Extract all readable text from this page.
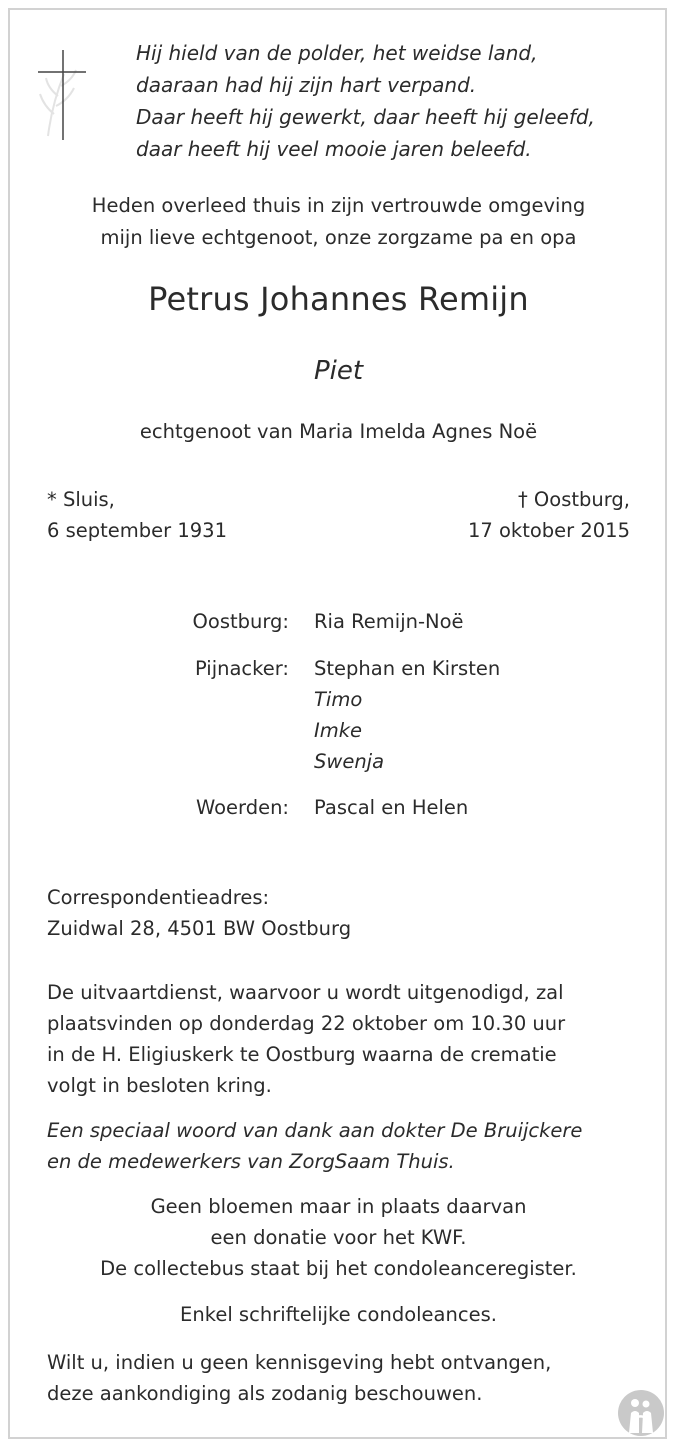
Hij hield van de polder, het weidse land,
daaraan had hij zijn hart verpand.
Daar heeft hij gewerkt, daar heeft hij geleefd,
daar heeft hij veel mooie jaren beleefd.
Heden overleed thuis in zijn vertrouwde omgeving
mijn lieve echtgenoot, onze zorgzame pa en opa
Petrus Johannes Remijn
Piet
echtgenoot van Maria Imelda Agnes Noë
* Sluis,
6 september 1931
† Oostburg,
17 oktober 2015
Oostburg: Ria Remijn-Noë
Pijnacker: Stephan en Kirsten
Timo
Imke
Swenja
Woerden: Pascal en Helen
Correspondentieadres:
Zuidwal 28, 4501 BW Oostburg
De uitvaartdienst, waarvoor u wordt uitgenodigd, zal
plaatsvinden op donderdag 22 oktober om 10.30 uur
in de H. Eligiuskerk te Oostburg waarna de crematie
volgt in besloten kring.
Een speciaal woord van dank aan dokter De Bruijckere
en de medewerkers van ZorgSaam Thuis.
Geen bloemen maar in plaats daarvan
een donatie voor het KWF.
De collectebus staat bij het condoleanceregister.
Enkel schriftelijke condoleances.
Wilt u, indien u geen kennisgeving hebt ontvangen,
deze aankondiging als zodanig beschouwen.
